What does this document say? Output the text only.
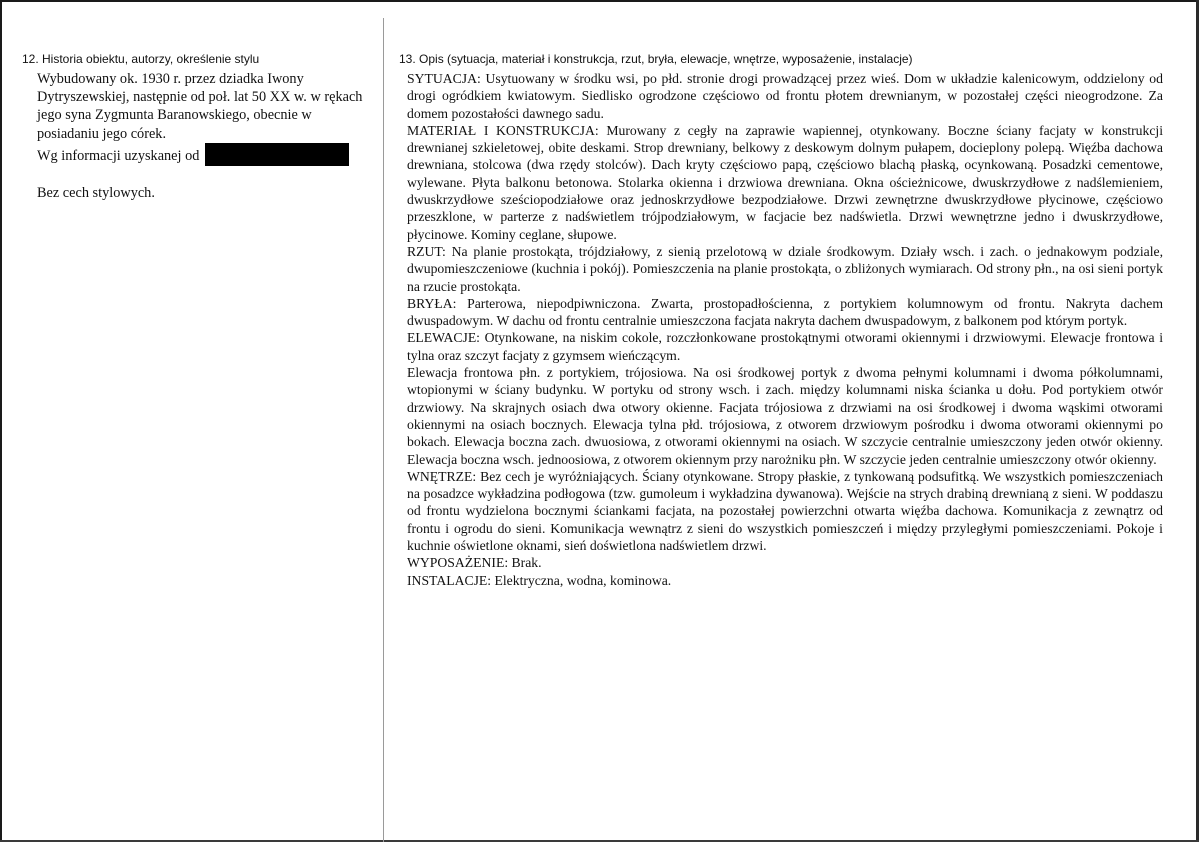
12. Historia obiektu, autorzy, określenie stylu

Wybudowany ok. 1930 r. przez dziadka Iwony Dytryszewskiej, następnie od poł. lat 50 XX w. w rękach jego syna Zygmunta Baranowskiego, obecnie w posiadaniu jego córek.

Wg informacji uzyskanej od

Bez cech stylowych.

13. Opis (sytuacja, materiał i konstrukcja, rzut, bryła, elewacje, wnętrze, wyposażenie, instalacje)

SYTUACJA: Usytuowany w środku wsi, po płd. stronie drogi prowadzącej przez wieś. Dom w układzie kalenicowym, oddzielony od drogi ogródkiem kwiatowym. Siedlisko ogrodzone częściowo od frontu płotem drewnianym, w pozostałej części nieogrodzone. Za domem pozostałości dawnego sadu.

MATERIAŁ I KONSTRUKCJA: Murowany z cegły na zaprawie wapiennej, otynkowany. Boczne ściany facjaty w konstrukcji drewnianej szkieletowej, obite deskami. Strop drewniany, belkowy z deskowym dolnym pułapem, docieplony polepą. Więźba dachowa drewniana, stolcowa (dwa rzędy stolców). Dach kryty częściowo papą, częściowo blachą płaską, ocynkowaną. Posadzki cementowe, wylewane. Płyta balkonu betonowa. Stolarka okienna i drzwiowa drewniana. Okna ościeżnicowe, dwuskrzydłowe z nadślemieniem, dwuskrzydłowe sześciopodziałowe oraz jednoskrzydłowe bezpodziałowe. Drzwi zewnętrzne dwuskrzydłowe płycinowe, częściowo przeszklone, w parterze z nadświetlem trójpodziałowym, w facjacie bez nadświetla. Drzwi wewnętrzne jedno i dwuskrzydłowe, płycinowe. Kominy ceglane, słupowe.

RZUT: Na planie prostokąta, trójdziałowy, z sienią przelotową w dziale środkowym. Działy wsch. i zach. o jednakowym podziale, dwupomieszczeniowe (kuchnia i pokój). Pomieszczenia na planie prostokąta, o zbliżonych wymiarach. Od strony płn., na osi sieni portyk na rzucie prostokąta.

BRYŁA: Parterowa, niepodpiwniczona. Zwarta, prostopadłościenna, z portykiem kolumnowym od frontu. Nakryta dachem dwuspadowym. W dachu od frontu centralnie umieszczona facjata nakryta dachem dwuspadowym, z balkonem pod którym portyk.

ELEWACJE: Otynkowane, na niskim cokole, rozczłonkowane prostokątnymi otworami okiennymi i drzwiowymi. Elewacje frontowa i tylna oraz szczyt facjaty z gzymsem wieńczącym.

Elewacja frontowa płn. z portykiem, trójosiowa. Na osi środkowej portyk z dwoma pełnymi kolumnami i dwoma półkolumnami, wtopionymi w ściany budynku. W portyku od strony wsch. i zach. między kolumnami niska ścianka u dołu. Pod portykiem otwór drzwiowy. Na skrajnych osiach dwa otwory okienne. Facjata trójosiowa z drzwiami na osi środkowej i dwoma wąskimi otworami okiennymi na osiach bocznych. Elewacja tylna płd. trójosiowa, z otworem drzwiowym pośrodku i dwoma otworami okiennymi po bokach. Elewacja boczna zach. dwuosiowa, z otworami okiennymi na osiach. W szczycie centralnie umieszczony jeden otwór okienny. Elewacja boczna wsch. jednoosiowa, z otworem okiennym przy narożniku płn. W szczycie jeden centralnie umieszczony otwór okienny.

WNĘTRZE: Bez cech je wyróżniających. Ściany otynkowane. Stropy płaskie, z tynkowaną podsufitką. We wszystkich pomieszczeniach na posadzce wykładzina podłogowa (tzw. gumoleum i wykładzina dywanowa). Wejście na strych drabiną drewnianą z sieni. W poddaszu od frontu wydzielona bocznymi ściankami facjata, na pozostałej powierzchni otwarta więźba dachowa. Komunikacja z zewnątrz od frontu i ogrodu do sieni. Komunikacja wewnątrz z sieni do wszystkich pomieszczeń i między przyległymi pomieszczeniami. Pokoje i kuchnie oświetlone oknami, sień doświetlona nadświetlem drzwi.

WYPOSAŻENIE: Brak.

INSTALACJE: Elektryczna, wodna, kominowa.
